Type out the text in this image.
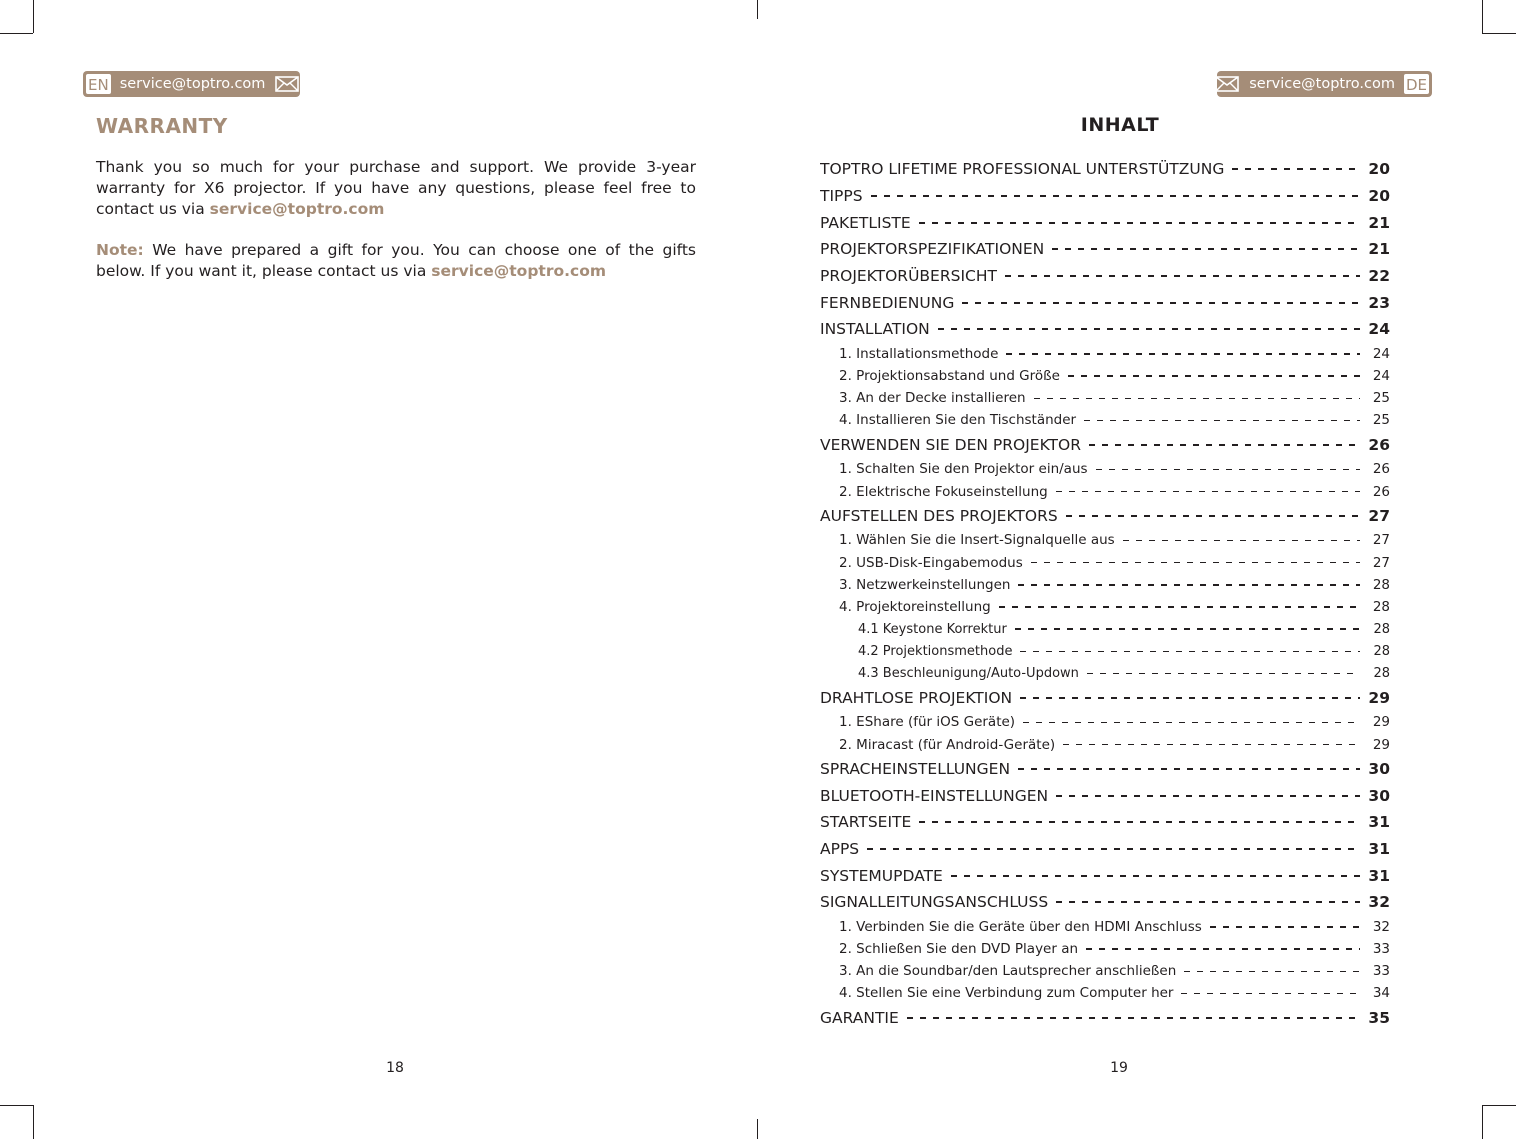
EN service@toptro.com
WARRANTY

Thank you so much for your purchase and support. We provide 3-year warranty for X6 projector. If you have any questions, please feel free to contact us via service@toptro.com

Note: We have prepared a gift for you. You can choose one of the gifts below. If you want it, please contact us via service@toptro.com

18
service@toptro.com DE
INHALT
TOPTRO LIFETIME PROFESSIONAL UNTERSTÜTZUNG	20
TIPPS	20
PAKETLISTE	21
PROJEKTORSPEZIFIKATIONEN	21
PROJEKTORÜBERSICHT	22
FERNBEDIENUNG	23
INSTALLATION	24
1. Installationsmethode	24
2. Projektionsabstand und Größe	24
3. An der Decke installieren	25
4. Installieren Sie den Tischständer	25
VERWENDEN SIE DEN PROJEKTOR	26
1. Schalten Sie den Projektor ein/aus	26
2. Elektrische Fokuseinstellung	26
AUFSTELLEN DES PROJEKTORS	27
1. Wählen Sie die Insert-Signalquelle aus	27
2. USB-Disk-Eingabemodus	27
3. Netzwerkeinstellungen	28
4. Projektoreinstellung	28
4.1 Keystone Korrektur	28
4.2 Projektionsmethode	28
4.3 Beschleunigung/Auto-Updown	28
DRAHTLOSE PROJEKTION	29
1. EShare (für iOS Geräte)	29
2. Miracast (für Android-Geräte)	29
SPRACHEINSTELLUNGEN	30
BLUETOOTH-EINSTELLUNGEN	30
STARTSEITE	31
APPS	31
SYSTEMUPDATE	31
SIGNALLEITUNGSANSCHLUSS	32
1. Verbinden Sie die Geräte über den HDMI Anschluss	32
2. Schließen Sie den DVD Player an	33
3. An die Soundbar/den Lautsprecher anschließen	33
4. Stellen Sie eine Verbindung zum Computer her	34
GARANTIE	35
19
